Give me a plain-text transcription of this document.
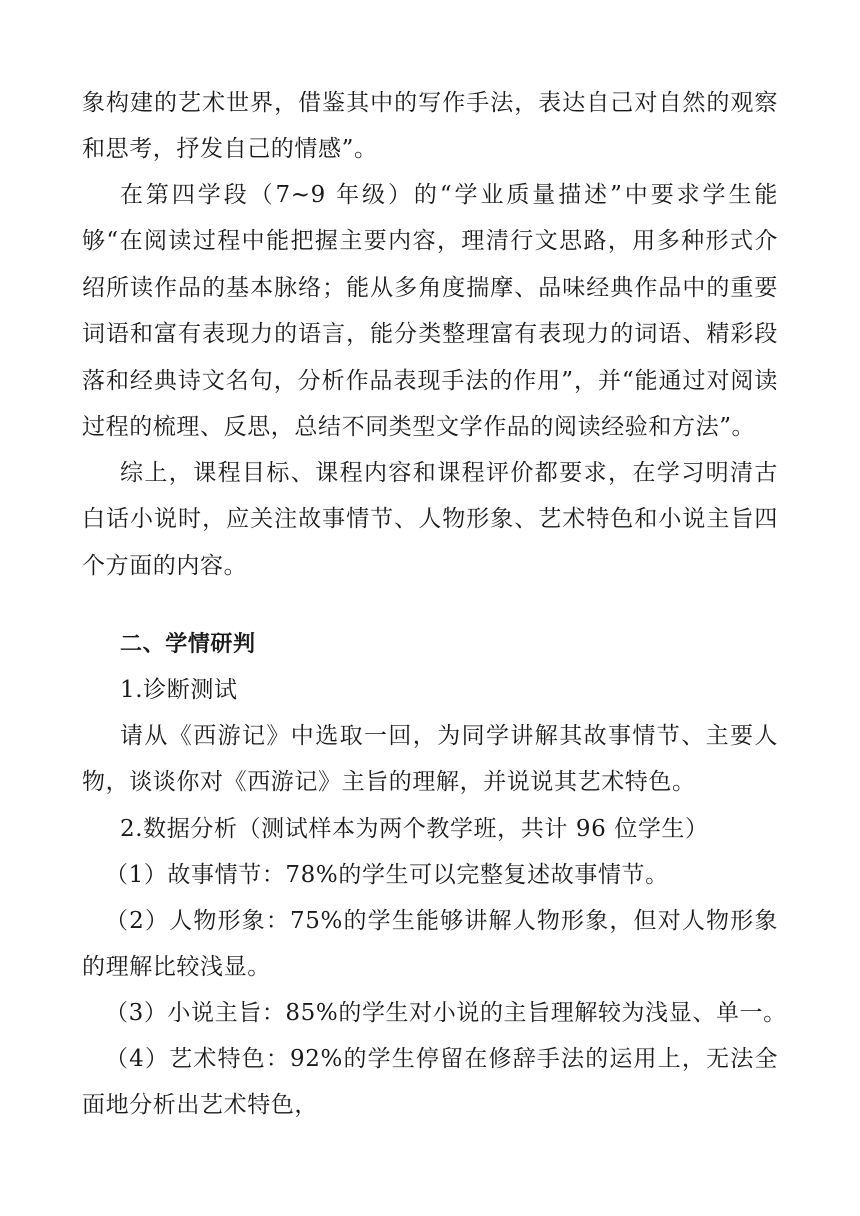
象构建的艺术世界，借鉴其中的写作手法，表达自己对自然的观察和思考，抒发自己的情感”。

在第四学段（7~9 年级）的“学业质量描述”中要求学生能够“在阅读过程中能把握主要内容，理清行文思路，用多种形式介绍所读作品的基本脉络；能从多角度揣摩、品味经典作品中的重要词语和富有表现力的语言，能分类整理富有表现力的词语、精彩段落和经典诗文名句，分析作品表现手法的作用”，并“能通过对阅读过程的梳理、反思，总结不同类型文学作品的阅读经验和方法”。

综上，课程目标、课程内容和课程评价都要求，在学习明清古白话小说时，应关注故事情节、人物形象、艺术特色和小说主旨四个方面的内容。

二、学情研判

1.诊断测试

请从《西游记》中选取一回，为同学讲解其故事情节、主要人物，谈谈你对《西游记》主旨的理解，并说说其艺术特色。

2.数据分析（测试样本为两个教学班，共计 96 位学生）

（1）故事情节：78%的学生可以完整复述故事情节。

（2）人物形象：75%的学生能够讲解人物形象，但对人物形象的理解比较浅显。

（3）小说主旨：85%的学生对小说的主旨理解较为浅显、单一。

（4）艺术特色：92%的学生停留在修辞手法的运用上，无法全面地分析出艺术特色，
